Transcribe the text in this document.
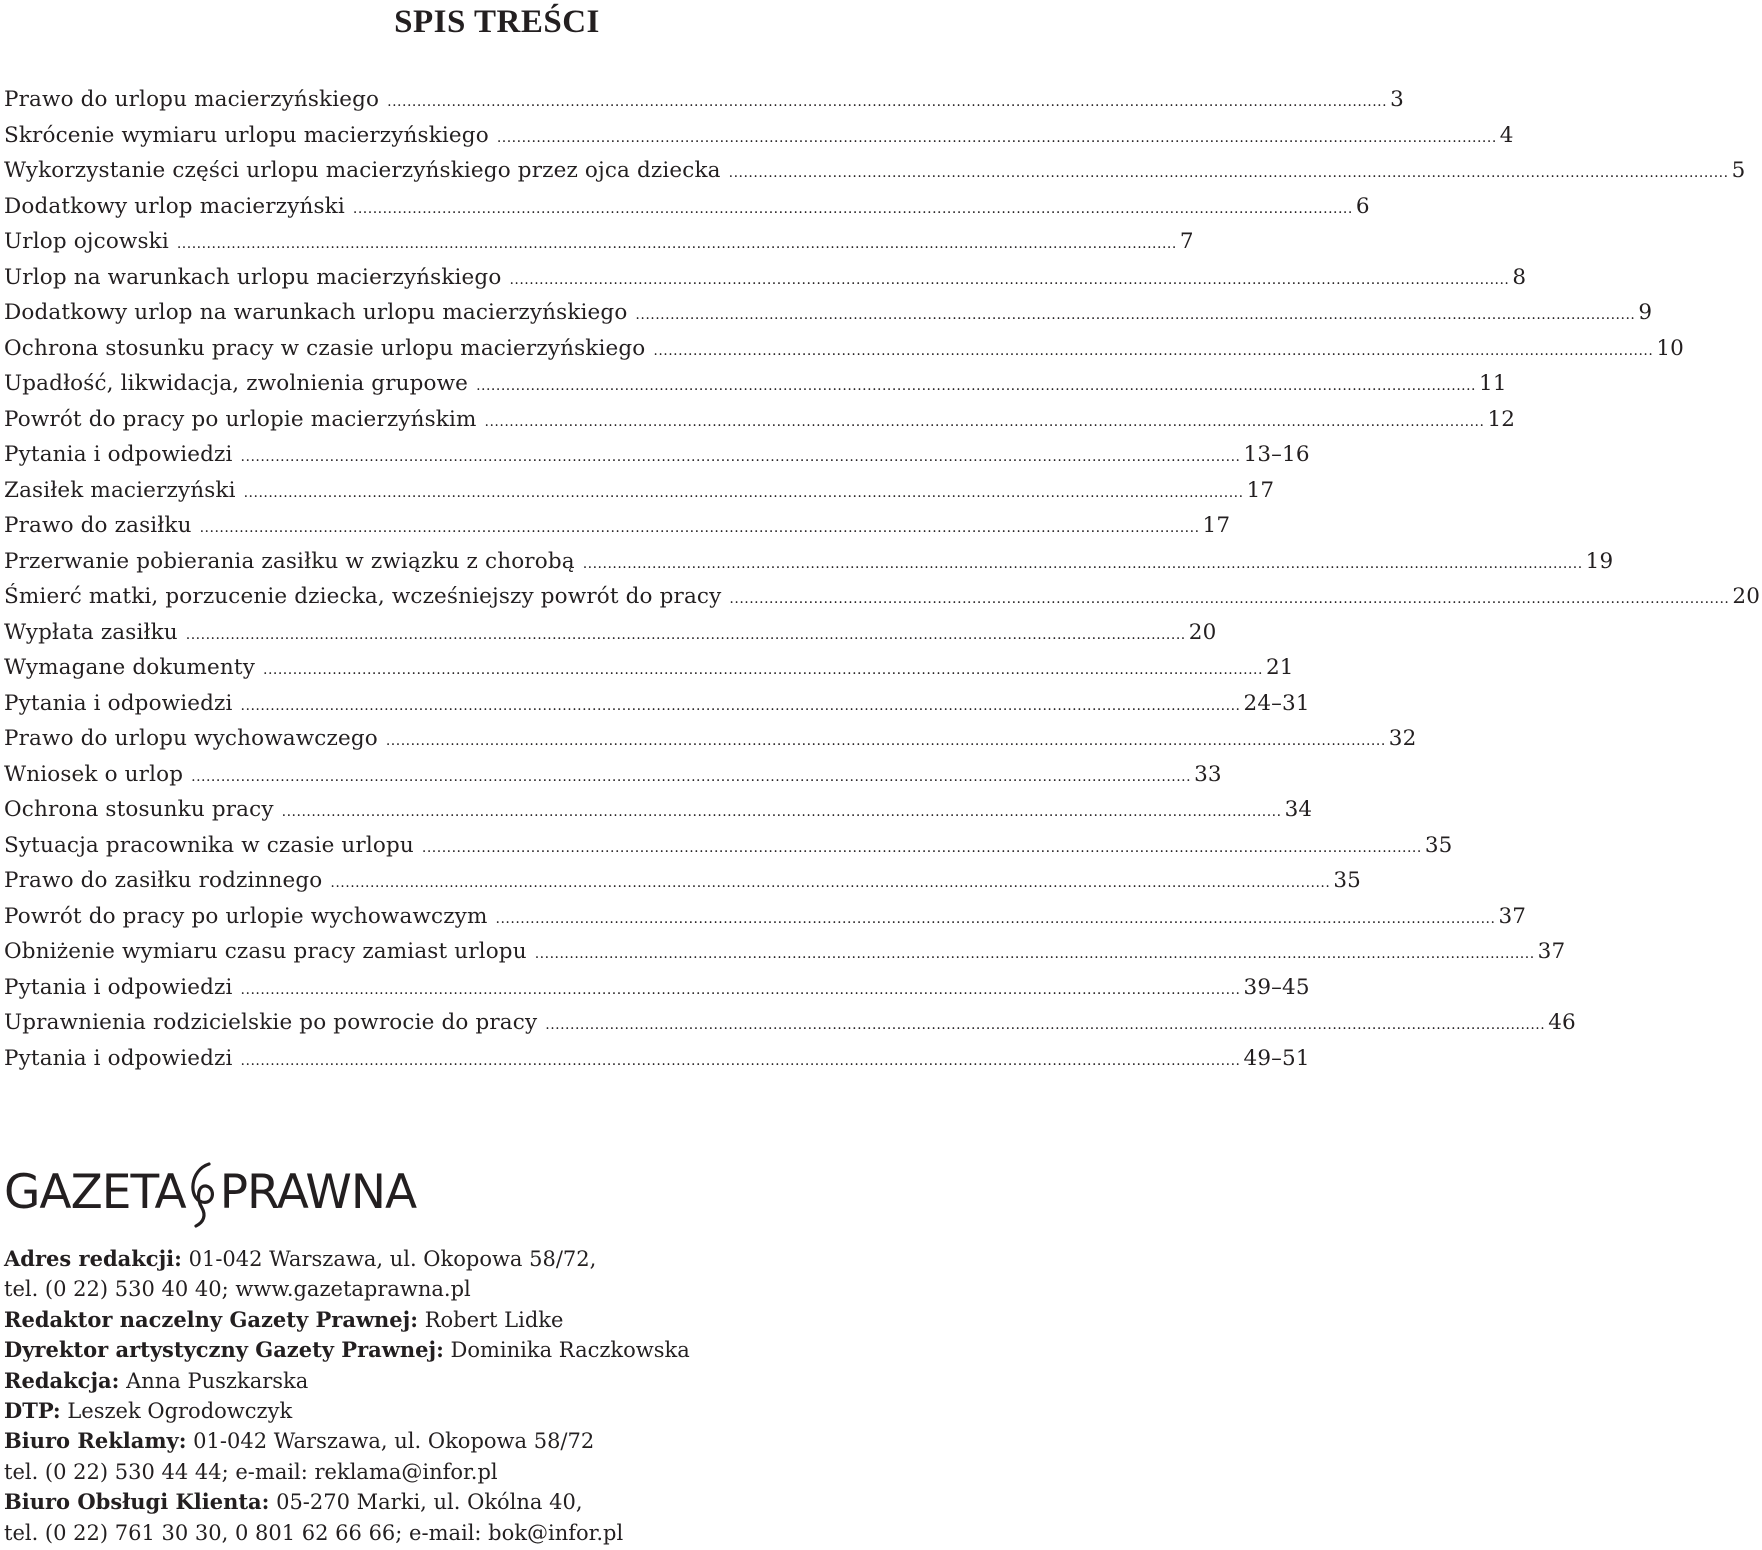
SPIS TREŚCI
Prawo do urlopu macierzyńskiego .......................................................................................................................................................................................................... 3
Skrócenie wymiaru urlopu macierzyńskiego .......................................................................................................................................................................................................... 4
Wykorzystanie części urlopu macierzyńskiego przez ojca dziecka .......................................................................................................................................................................................................... 5
Dodatkowy urlop macierzyński .......................................................................................................................................................................................................... 6
Urlop ojcowski .......................................................................................................................................................................................................... 7
Urlop na warunkach urlopu macierzyńskiego .......................................................................................................................................................................................................... 8
Dodatkowy urlop na warunkach urlopu macierzyńskiego .......................................................................................................................................................................................................... 9
Ochrona stosunku pracy w czasie urlopu macierzyńskiego .......................................................................................................................................................................................................... 10
Upadłość, likwidacja, zwolnienia grupowe .......................................................................................................................................................................................................... 11
Powrót do pracy po urlopie macierzyńskim .......................................................................................................................................................................................................... 12
Pytania i odpowiedzi .......................................................................................................................................................................................................... 13–16
Zasiłek macierzyński .......................................................................................................................................................................................................... 17
Prawo do zasiłku .......................................................................................................................................................................................................... 17
Przerwanie pobierania zasiłku w związku z chorobą .......................................................................................................................................................................................................... 19
Śmierć matki, porzucenie dziecka, wcześniejszy powrót do pracy .......................................................................................................................................................................................................... 20
Wypłata zasiłku .......................................................................................................................................................................................................... 20
Wymagane dokumenty .......................................................................................................................................................................................................... 21
Pytania i odpowiedzi .......................................................................................................................................................................................................... 24–31
Prawo do urlopu wychowawczego .......................................................................................................................................................................................................... 32
Wniosek o urlop .......................................................................................................................................................................................................... 33
Ochrona stosunku pracy .......................................................................................................................................................................................................... 34
Sytuacja pracownika w czasie urlopu .......................................................................................................................................................................................................... 35
Prawo do zasiłku rodzinnego .......................................................................................................................................................................................................... 35
Powrót do pracy po urlopie wychowawczym .......................................................................................................................................................................................................... 37
Obniżenie wymiaru czasu pracy zamiast urlopu .......................................................................................................................................................................................................... 37
Pytania i odpowiedzi .......................................................................................................................................................................................................... 39–45
Uprawnienia rodzicielskie po powrocie do pracy .......................................................................................................................................................................................................... 46
Pytania i odpowiedzi .......................................................................................................................................................................................................... 49–51
GAZETA PRAWNA
Adres redakcji: 01-042 Warszawa, ul. Okopowa 58/72,
tel. (0 22) 530 40 40; www.gazetaprawna.pl
Redaktor naczelny Gazety Prawnej: Robert Lidke
Dyrektor artystyczny Gazety Prawnej: Dominika Raczkowska
Redakcja: Anna Puszkarska
DTP: Leszek Ogrodowczyk
Biuro Reklamy: 01-042 Warszawa, ul. Okopowa 58/72
tel. (0 22) 530 44 44; e-mail: reklama@infor.pl
Biuro Obsługi Klienta: 05-270 Marki, ul. Okólna 40,
tel. (0 22) 761 30 30, 0 801 62 66 66; e-mail: bok@infor.pl
